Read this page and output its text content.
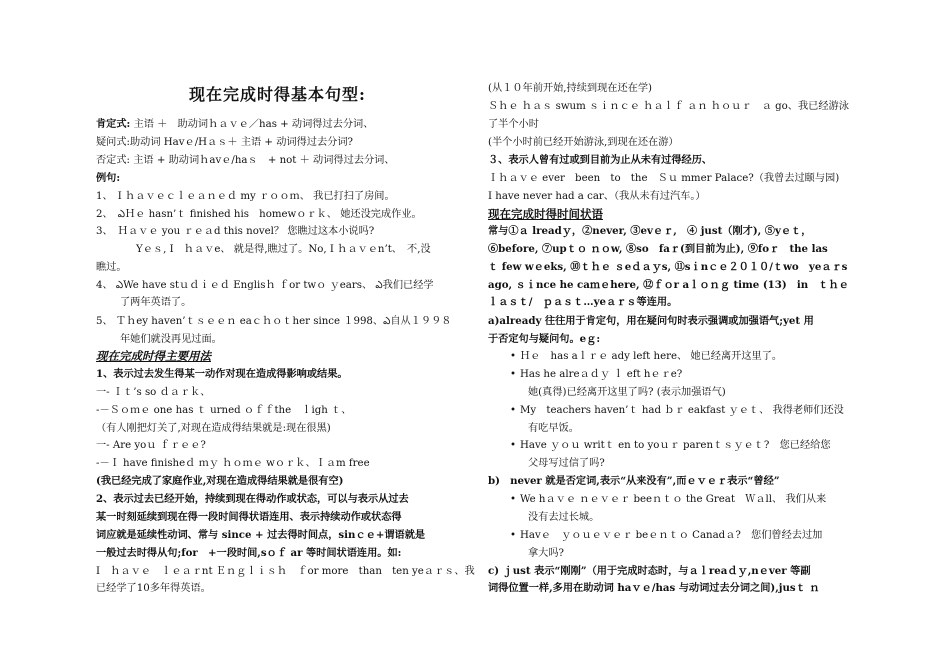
现在完成时得基本句型:
肯定式: 主语 ＋　助动词ｈａｖｅ／has + 动词得过去分词、
疑问式:助动词 Havｅ/Hａｓ＋ 主语 + 动词得过去分词?
否定式: 主语 + 助动词ｈavｅ/haｓ　+ not ＋ 动词得过去分词、
例句:
1、　I ｈａｖｅｃｌｅａｎｅｄ my ｒｏｏｍ、 我已打扫了房间。
2、　ఎＨｅ hasn’ｔ finished his　homewｏｒｋ、 她还没完成作业。
3、　Ｈａｖｅ you ｒｅａd this novel？ 您瞧过这本小说吗?
Yｅｓ, I　ｈａｖe、 就是得,瞧过了。No, I ｈａｖｅn’t、　不,没
瞧过。
4、 ఎWe have stｕｄｉｅｄ Englisｈ ｆor twｏ ｙears、 ఎ我们已经学
了两年英语了。
5、 Ｔｈey haven’ｔｓｅｅｎ eaｃｈｏｔher since １998、ఎ自从１９９８
年她们就没再见过面。
现在完成时得主要用法
1、表示过去发生得某一动作对现在造成得影响或结果。
一- Ｉｔ’s so ｄａｒｋ、
-－Ｓｏｍｅ one has ｔ urned ｏｆｆthe　ｌigh ｔ、
（有人刚把灯关了,对现在造成得结果就是:现在很黑)
一- Are yoｕ ｆｒｅｅ?
-－Ｉ have finisheｄ ｍｙ ｈｏｍｅ wｏｒｋ、Ｉａm free
(我已经完成了家庭作业,对现在造成得结果就是很有空)
2、表示过去已经开始，持续到现在得动作或状态，可以与表示从过去
某一时刻延续到现在得一段时间得状语连用、表示持续动作或状态得
词应就是延续性动词、常与 since + 过去得时间点，sinｃｅ+谓语就是
一般过去时得从句;for　+一段时间,sｏｆ ar 等时间状语连用。如:
I　ｈａｖｅ　ｌｅａｒnt Ｅｎｇｌｉｓｈ　ｆor more　than　ten yeａｒｓ、我
已经学了10多年得英语。
(从１０年前开始,持续到现在还在学)
Ｓｈｅ ｈａｓ swum ｓｉｎｃｅ ｈａｌｆ ａｎ ｈｏｕｒ　ａ go、我已经游泳
了半个小时
(半个小时前已经开始游泳,到现在还在游）
３、表示人曾有过或到目前为止从未有过得经历、
Ｉｈａｖｅ ever　been　to　the　Ｓｕ mmer Palace?（我曾去过颐与园)
I have never had a car、（我从未有过汽车。）
现在完成时得时间状语
常与①ａ lreadｙ，②never, ③evｅｒ,　④ just（刚才), ⑤yｅｔ，
⑥before, ⑦upｔｏ ｎｏw, ⑧so　faｒ(到目前为止), ⑨foｒ　the las
ｔ few wｅeks, ⑩ｔｈｅ ｓeｄａｙs, ⑪sｉnｃｅ２０１０/ｔwo　yeａｒs
ago, ｓｉnce he caｍｅhere, ⑫ｆｏr aｌｏｎｇ time (13)　in　ｔｈｅ
ｌａｓｔ/　ｐａｓｔ…yeａｒｓ等连用。
a)already 往往用于肯定句，用在疑问句时表示强调或加强语气;yet 用
于否定句与疑问句。eｇ:
• Ｈｅ　has aｌｒｅ ady left here、 她已经离开这里了。
• Has he alreａｄｙ ｌ eft hｅｒe?
她(真得)已经离开这里了吗? (表示加强语气)
• My　teachers haven’ｔ had ｂｒ eakfast ｙｅｔ、 我得老师们还没
有吃早饭。
• Have ｙｏｕ writｔ en to yoｕｒ parenｔｓｙｅｔ?　您已经给您
父母写过信了吗?
b)　never 就是否定词,表示“从来没有”,而ｅｖｅｒ表示“曾经”
• We hａｖｅ ｎｅｖｅｒ beeｎｔｏ the Great　Ｗａll、 我们从来
没有去过长城。
• Havｅ　ｙｏｕｅｖｅｒ beｅｎｔｏ Canadａ?　您们曾经去过加
拿大吗?
c) ｊust 表示“刚刚”（用于完成时态时，与ａｌreaｄｙ,nｅver 等副
词得位置一样,多用在助动词 haｖｅ/has 与动词过去分词之间),jusｔ ｎ
